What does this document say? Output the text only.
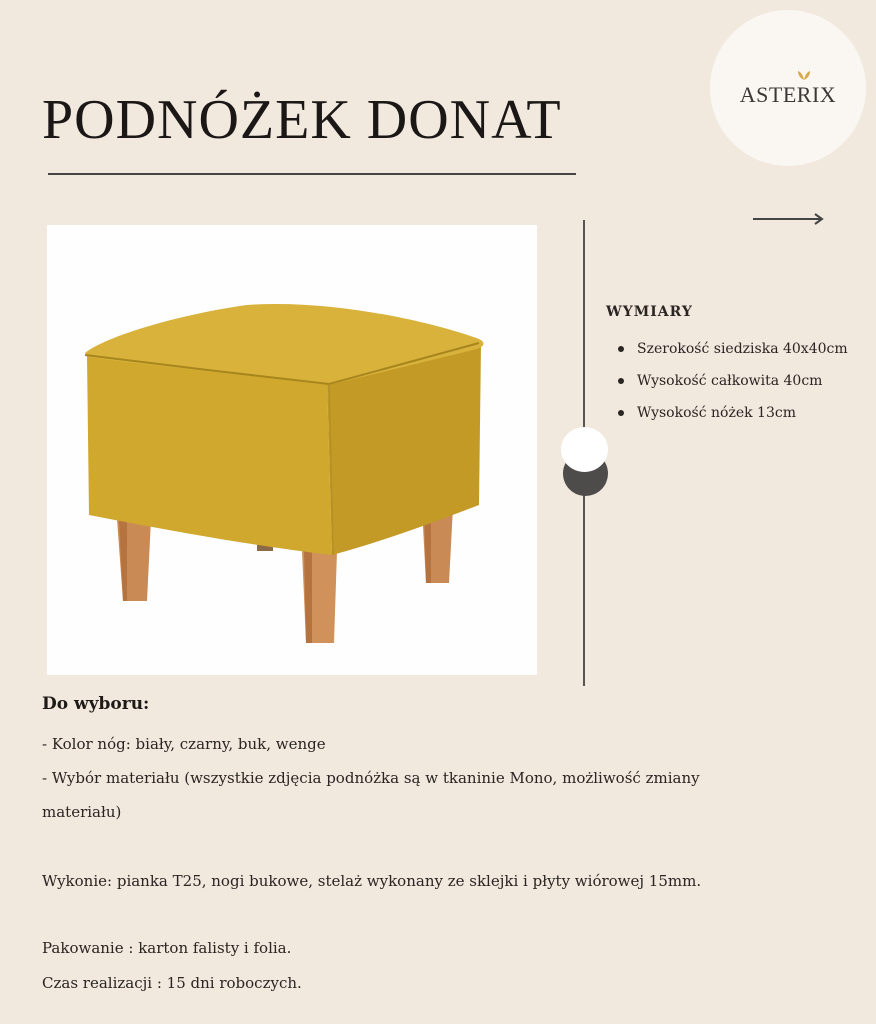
ASTERIX
PODNÓŻEK DONAT
WYMIARY
Szerokość siedziska 40x40cm
Wysokość całkowita 40cm
Wysokość nóżek 13cm
Do wyboru:

- Kolor nóg: biały, czarny, buk, wenge

- Wybór materiału (wszystkie zdjęcia podnóżka są w tkaninie Mono, możliwość zmiany

materiału)

Wykonie: pianka T25, nogi bukowe, stelaż wykonany ze sklejki i płyty wiórowej 15mm.

Pakowanie : karton falisty i folia.

Czas realizacji : 15 dni roboczych.
